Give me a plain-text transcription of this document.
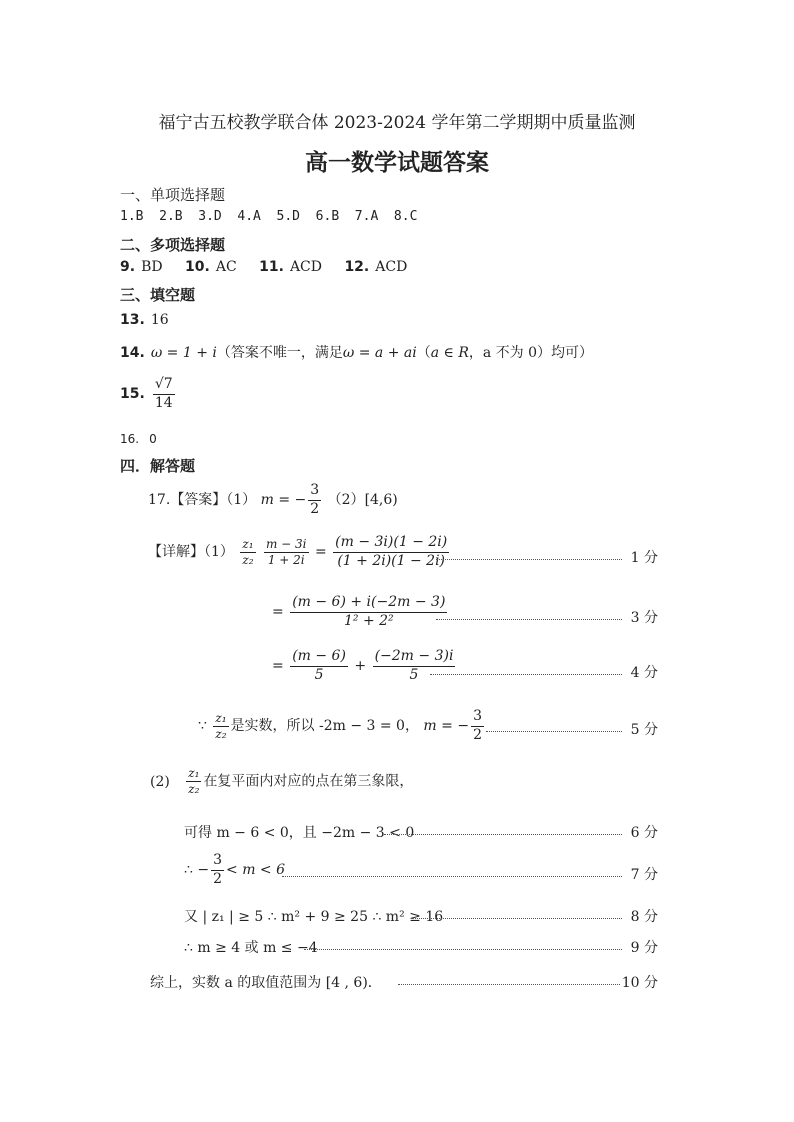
福宁古五校教学联合体 2023-2024 学年第二学期期中质量监测
高一数学试题答案
一、单项选择题
1.B  2.B  3.D  4.A  5.D  6.B  7.A  8.C
二、多项选择题
9. BD 10. AC 11. ACD 12. ACD
三、填空题
13. 16
14. ω = 1 + i（答案不唯一，满足ω = a + ai（a ∈ R，a 不为 0）均可）
15. $\frac{√7}{14}$
16. 0
四．解答题
17.【答案】（1） m = − $\frac{3}{2} (2)[4,6)$
【详解】$(1) \frac{\text{z₁}}{\text{z₂}}$
$\frac{m - 3i}{1 + 2i} = \frac{(m - 3i)(1 - 2i)}{(1 + 2i)(1 - 2i)}$	1 分
= $\frac{(m - 6) + i(-2m - 3)}{\text{1² + 2²}}$	3 分
= $\frac{(m - 6)}{5} + \frac{(-2m - 3)i}{5}$	4 分
∵ $\frac{\text{z₁}}{\text{z₂}}$ 是实数，所以 -2m − 3 = 0， m = − $\frac{3}{2}$	5 分
$(2) \frac{\text{z₁}}{\text{z₂}}$ 在复平面内对应的点在第三象限，
可得 m − 6 < 0，且 −2m − 3 < 0	6 分
∴ − $\frac{3}{2} < m < 6$	7 分
又 | z₁ | ≥ 5 ∴ m² + 9 ≥ 25 ∴ m² ≥ 16	8 分
∴ m ≥ 4 或 m ≤ −4	9 分
综上，实数 a 的取值范围为 [4 , 6)．	10 分
